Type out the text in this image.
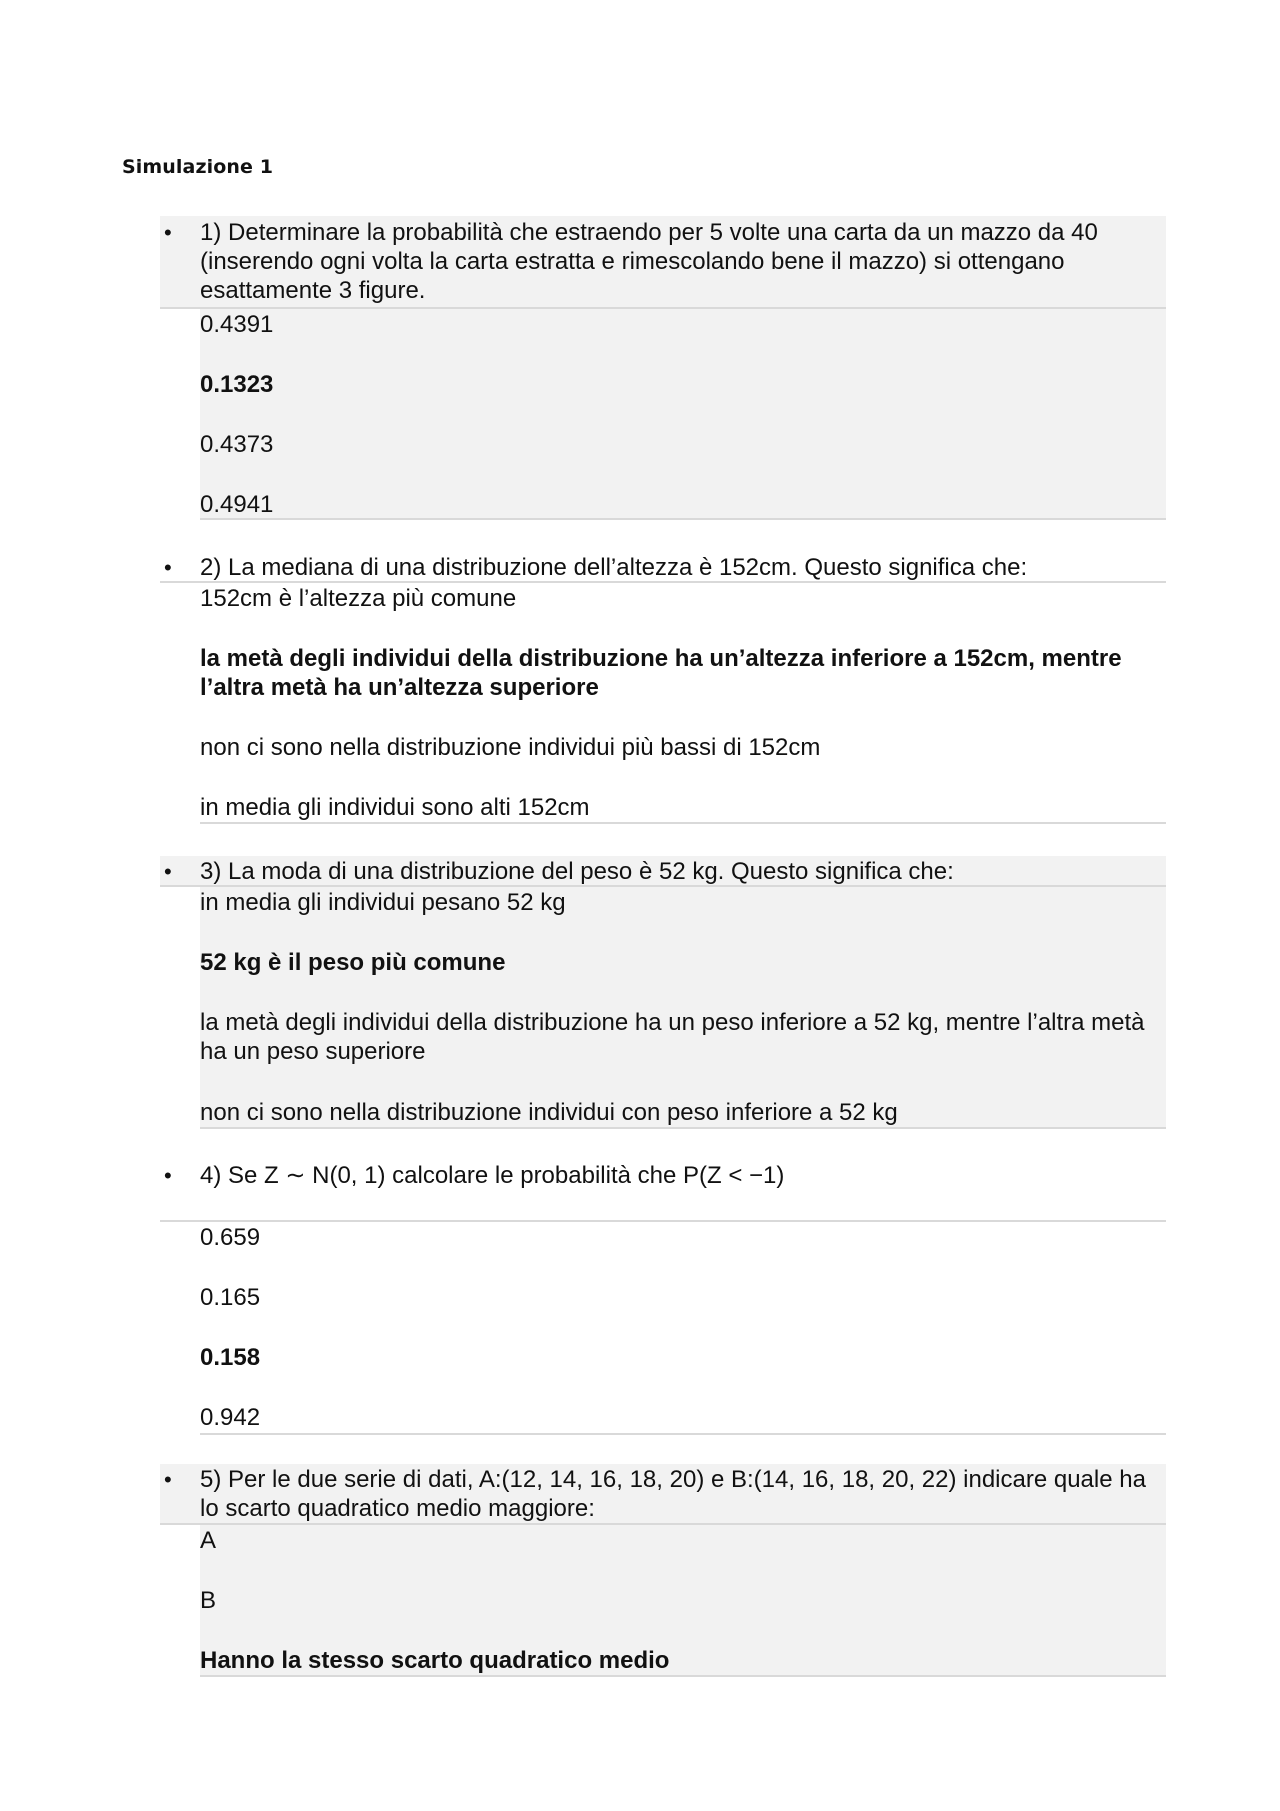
Simulazione 1
• 1) Determinare la probabilità che estraendo per 5 volte una carta da un mazzo da 40 (inserendo ogni volta la carta estratta e rimescolando bene il mazzo) si ottengano esattamente 3 figure.
0.4391
0.1323
0.4373
0.4941
• 2) La mediana di una distribuzione dell’altezza è 152cm. Questo significa che:
152cm è l’altezza più comune
la metà degli individui della distribuzione ha un’altezza inferiore a 152cm, mentre l’altra metà ha un’altezza superiore
non ci sono nella distribuzione individui più bassi di 152cm
in media gli individui sono alti 152cm
• 3) La moda di una distribuzione del peso è 52 kg. Questo significa che:
in media gli individui pesano 52 kg
52 kg è il peso più comune
la metà degli individui della distribuzione ha un peso inferiore a 52 kg, mentre l’altra metà ha un peso superiore
non ci sono nella distribuzione individui con peso inferiore a 52 kg
• 4) Se Z ∼ N(0, 1) calcolare le probabilità che P(Z < −1)
0.659
0.165
0.158
0.942
• 5) Per le due serie di dati, A:(12, 14, 16, 18, 20) e B:(14, 16, 18, 20, 22) indicare quale ha lo scarto quadratico medio maggiore:
A
B
Hanno la stesso scarto quadratico medio
